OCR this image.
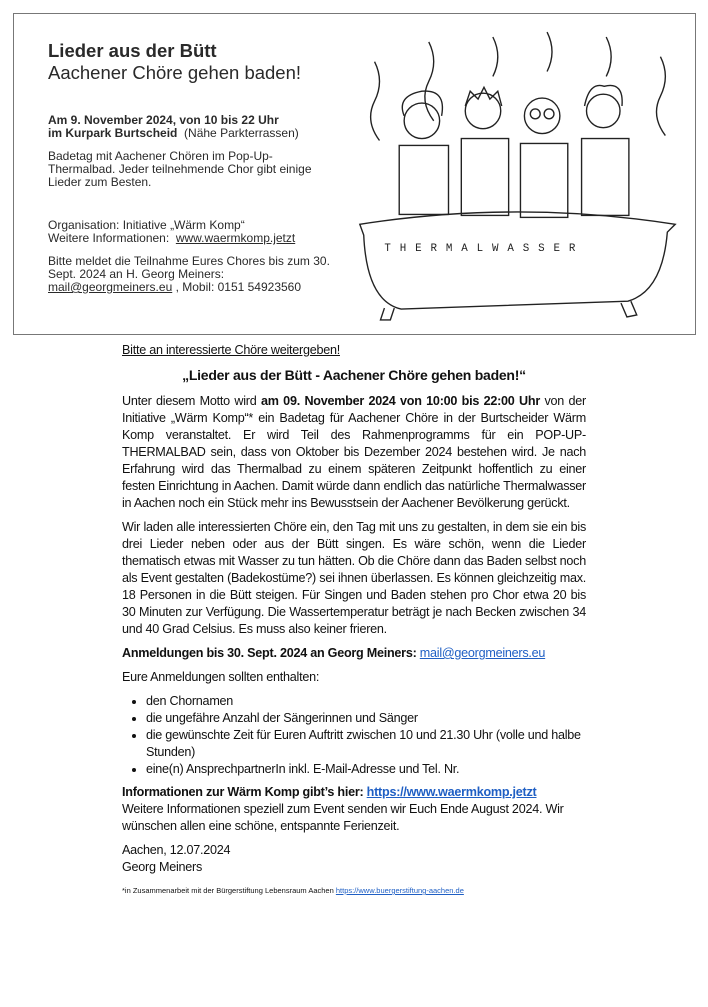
Lieder aus der Bütt

Aachener Chöre gehen baden!

Am 9. November 2024, von 10 bis 22 Uhr
im Kurpark Burtscheid (Nähe Parkterrassen)

Badetag mit Aachener Chören im Pop-Up-Thermalbad. Jeder teilnehmende Chor gibt einige Lieder zum Besten.

Organisation: Initiative „Wärm Komp“
Weitere Informationen: www.waermkomp.jetzt

Bitte meldet die Teilnahme Eures Chores bis zum 30. Sept. 2024 an H. Georg Meiners:
mail@georgmeiners.eu , Mobil: 0151 54923560

THERMALWASSER

Bitte an interessierte Chöre weitergeben!

„Lieder aus der Bütt - Aachener Chöre gehen baden!“

Unter diesem Motto wird am 09. November 2024 von 10:00 bis 22:00 Uhr von der Initiative „Wärm Komp“* ein Badetag für Aachener Chöre in der Burtscheider Wärm Komp veranstaltet. Er wird Teil des Rahmenprogramms für ein POP-UP-THERMALBAD sein, dass von Oktober bis Dezember 2024 bestehen wird. Je nach Erfahrung wird das Thermalbad zu einem späteren Zeitpunkt hoffentlich zu einer festen Einrichtung in Aachen. Damit würde dann endlich das natürliche Thermalwasser in Aachen noch ein Stück mehr ins Bewusstsein der Aachener Bevölkerung gerückt.

Wir laden alle interessierten Chöre ein, den Tag mit uns zu gestalten, in dem sie ein bis drei Lieder neben oder aus der Bütt singen. Es wäre schön, wenn die Lieder thematisch etwas mit Wasser zu tun hätten. Ob die Chöre dann das Baden selbst noch als Event gestalten (Badekostüme?) sei ihnen überlassen. Es können gleichzeitig max. 18 Personen in die Bütt steigen. Für Singen und Baden stehen pro Chor etwa 20 bis 30 Minuten zur Verfügung. Die Wassertemperatur beträgt je nach Becken zwischen 34 und 40 Grad Celsius. Es muss also keiner frieren.

Anmeldungen bis 30. Sept. 2024 an Georg Meiners: mail@georgmeiners.eu

Eure Anmeldungen sollten enthalten:

• den Chornamen
• die ungefähre Anzahl der Sängerinnen und Sänger
• die gewünschte Zeit für Euren Auftritt zwischen 10 und 21.30 Uhr (volle und halbe Stunden)
• eine(n) AnsprechpartnerIn inkl. E-Mail-Adresse und Tel. Nr.

Informationen zur Wärm Komp gibt’s hier: https://www.waermkomp.jetzt

Weitere Informationen speziell zum Event senden wir Euch Ende August 2024. Wir wünschen allen eine schöne, entspannte Ferienzeit.

Aachen, 12.07.2024
Georg Meiners

*in Zusammenarbeit mit der Bürgerstiftung Lebensraum Aachen https://www.buergerstiftung-aachen.de
